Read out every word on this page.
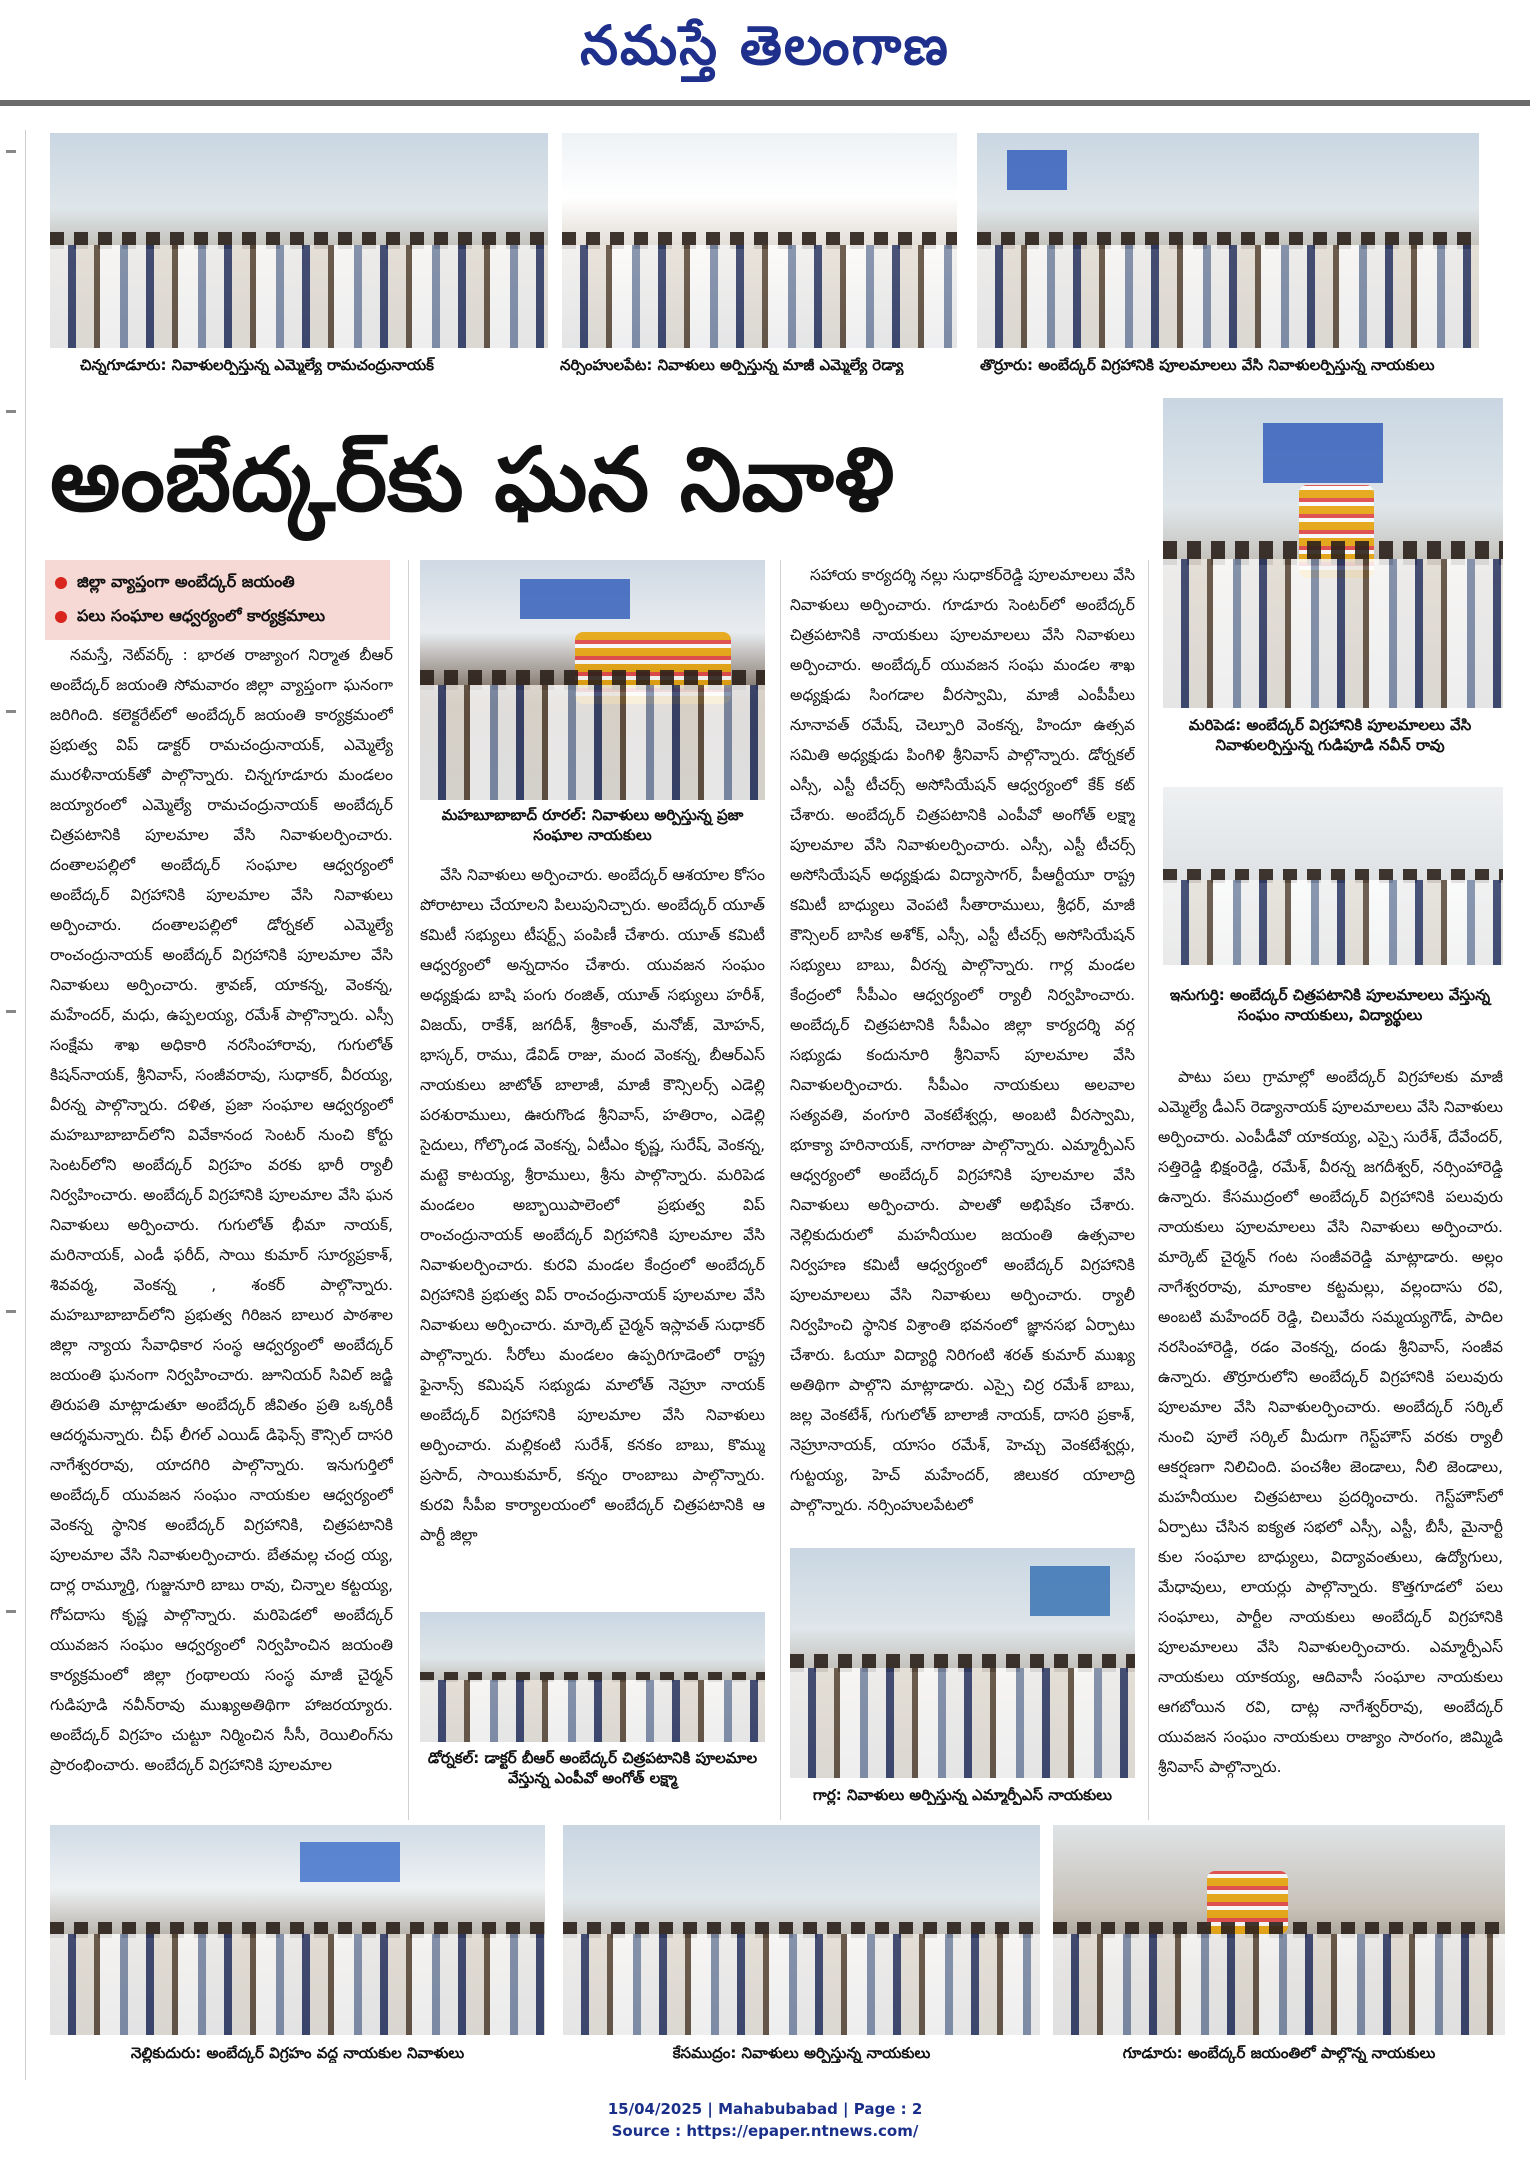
నమస్తే తెలంగాణ
చిన్నగూడూరు: నివాళులర్పిస్తున్న ఎమ్మెల్యే రామచంద్రునాయక్	నర్సింహులపేట: నివాళులు అర్పిస్తున్న మాజీ ఎమ్మెల్యే రెడ్యా	తొర్రూరు: అంబేద్కర్ విగ్రహానికి పూలమాలలు వేసి నివాళులర్పిస్తున్న నాయకులు
అంబేద్కర్‌కు ఘన నివాళి
మరిపెడ: అంబేద్కర్ విగ్రహానికి పూలమాలలు వేసి నివాళులర్పిస్తున్న గుడిపూడి నవీన్ రావు
ఇనుగుర్తి: అంబేద్కర్ చిత్రపటానికి పూలమాలలు వేస్తున్న సంఘం నాయకులు, విద్యార్థులు
జిల్లా వ్యాప్తంగా అంబేద్కర్ జయంతి
పలు సంఘాల ఆధ్వర్యంలో కార్యక్రమాలు
మహబూబాబాద్ రూరల్: నివాళులు అర్పిస్తున్న ప్రజా సంఘాల నాయకులు

నమస్తే, నెట్‌వర్క్ : భారత రాజ్యాంగ నిర్మాత బీఆర్ అంబేద్కర్ జయంతి సోమవారం జిల్లా వ్యాప్తంగా ఘనంగా జరిగింది. కలెక్టరేట్‌లో అంబేద్కర్ జయంతి కార్యక్రమంలో ప్రభుత్వ విప్ డాక్టర్ రామచంద్రునాయక్, ఎమ్మెల్యే మురళీనాయక్‌తో పాల్గొన్నారు. చిన్నగూడూరు మండలం జయ్యారంలో ఎమ్మెల్యే రామచంద్రునాయక్ అంబేద్కర్ చిత్రపటానికి పూలమాల వేసి నివాళులర్పించారు. దంతాలపల్లిలో అంబేద్కర్ సంఘాల ఆధ్వర్యంలో అంబేద్కర్ విగ్రహానికి పూలమాల వేసి నివాళులు అర్పించారు. దంతాలపల్లిలో డోర్నకల్ ఎమ్మెల్యే రాంచంద్రునాయక్ అంబేద్కర్ విగ్రహానికి పూలమాల వేసి నివాళులు అర్పించారు. శ్రావణ్, యాకన్న, వెంకన్న, మహేందర్, మధు, ఉప్పలయ్య, రమేశ్ పాల్గొన్నారు. ఎస్సీ సంక్షేమ శాఖ అధికారి నరసింహారావు, గుగులోత్ కిషన్‌నాయక్, శ్రీనివాస్, సంజీవరావు, సుధాకర్, వీరయ్య, వీరన్న పాల్గొన్నారు. దళిత, ప్రజా సంఘాల ఆధ్వర్యంలో మహబూబాబాద్‌లోని వివేకానంద సెంటర్ నుంచి కోర్టు సెంటర్‌లోని అంబేద్కర్ విగ్రహం వరకు భారీ ర్యాలీ నిర్వహించారు. అంబేద్కర్ విగ్రహానికి పూలమాల వేసి ఘన నివాళులు అర్పించారు. గుగులోత్ భీమా నాయక్, మరినాయక్, ఎండీ ఫరీద్, సాయి కుమార్ సూర్యప్రకాశ్, శివవర్మ, వెంకన్న , శంకర్ పాల్గొన్నారు. మహబూబాబాద్‌లోని ప్రభుత్వ గిరిజన బాలుర పాఠశాల జిల్లా న్యాయ సేవాధికార సంస్థ ఆధ్వర్యంలో అంబేద్కర్ జయంతి ఘనంగా నిర్వహించారు. జూనియర్ సివిల్ జడ్జి తిరుపతి మాట్లాడుతూ అంబేద్కర్ జీవితం ప్రతి ఒక్కరికీ ఆదర్శమన్నారు. చీఫ్ లీగల్ ఎయిడ్ డిఫెన్స్ కౌన్సిల్ దాసరి నాగేశ్వరరావు, యాదగిరి పాల్గొన్నారు. ఇనుగుర్తిలో అంబేద్కర్ యువజన సంఘం నాయకుల ఆధ్వర్యంలో వెంకన్న స్థానిక అంబేద్కర్ విగ్రహానికి, చిత్రపటానికి పూలమాల వేసి నివాళులర్పించారు. బేతమల్ల చంద్ర య్య, దార్ల రామ్మూర్తి, గుజ్జునూరి బాబు రావు, చిన్నాల కట్టయ్య, గోపదాసు కృష్ణ పాల్గొన్నారు. మరిపెడలో అంబేద్కర్ యువజన సంఘం ఆధ్వర్యంలో నిర్వహించిన జయంతి కార్యక్రమంలో జిల్లా గ్రంథాలయ సంస్థ మాజీ చైర్మన్ గుడిపూడి నవీన్‌రావు ముఖ్యఅతిథిగా హాజరయ్యారు. అంబేద్కర్ విగ్రహం చుట్టూ నిర్మించిన సీసీ, రెయిలింగ్‌ను ప్రారంభించారు. అంబేద్కర్ విగ్రహానికి పూలమాల

వేసి నివాళులు అర్పించారు. అంబేద్కర్ ఆశయాల కోసం పోరాటాలు చేయాలని పిలుపునిచ్చారు. అంబేద్కర్ యూత్ కమిటీ సభ్యులు టీషర్ట్స్ పంపిణీ చేశారు. యూత్ కమిటీ ఆధ్వర్యంలో అన్నదానం చేశారు. యువజన సంఘం అధ్యక్షుడు బాషి పంగు రంజిత్, యూత్ సభ్యులు హరీశ్, విజయ్, రాకేశ్, జగదీశ్, శ్రీకాంత్, మనోజ్, మోహన్, భాస్కర్, రాము, డేవిడ్ రాజు, మంద వెంకన్న, బీఆర్ఎస్ నాయకులు జాటోత్ బాలాజీ, మాజీ కౌన్సిలర్స్ ఎడెల్లి పరశురాములు, ఊరుగొండ శ్రీనివాస్, హతిరాం, ఎడెల్లి సైదులు, గోల్కొండ వెంకన్న, ఏటీఎం కృష్ణ, సురేష్, వెంకన్న, మట్టె కాటయ్య, శ్రీరాములు, శ్రీను పాల్గొన్నారు. మరిపెడ మండలం అబ్బాయిపాలెంలో ప్రభుత్వ విప్ రాంచంద్రునాయక్ అంబేద్కర్ విగ్రహానికి పూలమాల వేసి నివాళులర్పించారు. కురవి మండల కేంద్రంలో అంబేద్కర్ విగ్రహానికి ప్రభుత్వ విప్ రాంచంద్రునాయక్ పూలమాల వేసి నివాళులు అర్పించారు. మార్కెట్ చైర్మన్ ఇస్లావత్ సుధాకర్ పాల్గొన్నారు. సీరోలు మండలం ఉప్పరిగూడెంలో రాష్ట్ర ఫైనాన్స్ కమిషన్ సభ్యుడు మాలోత్ నెహ్రూ నాయక్ అంబేద్కర్ విగ్రహానికి పూలమాల వేసి నివాళులు అర్పించారు. మల్లికంటి సురేశ్, కనకం బాబు, కొమ్ము ప్రసాద్, సాయికుమార్, కన్నం రాంబాబు పాల్గొన్నారు. కురవి సీపీఐ కార్యాలయంలో అంబేద్కర్ చిత్రపటానికి ఆ పార్టీ జిల్లా

సహాయ కార్యదర్శి నల్లు సుధాకర్‌రెడ్డి పూలమాలలు వేసి నివాళులు అర్పించారు. గూడూరు సెంటర్‌లో అంబేద్కర్ చిత్రపటానికి నాయకులు పూలమాలలు వేసి నివాళులు అర్పించారు. అంబేద్కర్ యువజన సంఘ మండల శాఖ అధ్యక్షుడు సింగడాల వీరస్వామి, మాజీ ఎంపీపీలు నూనావత్ రమేష్, చెల్పూరి వెంకన్న, హిందూ ఉత్సవ సమితి అధ్యక్షుడు పింగిళి శ్రీనివాస్ పాల్గొన్నారు. డోర్నకల్ ఎస్సీ, ఎస్టీ టీచర్స్ అసోసియేషన్ ఆధ్వర్యంలో కేక్ కట్ చేశారు. అంబేద్కర్ చిత్రపటానికి ఎంపీవో అంగోత్ లక్ష్మా పూలమాల వేసి నివాళులర్పించారు. ఎస్సీ, ఎస్టీ టీచర్స్ అసోసియేషన్ అధ్యక్షుడు విద్యాసాగర్, పీఆర్టీయూ రాష్ట్ర కమిటీ బాధ్యులు వెంపటి సీతారాములు, శ్రీధర్, మాజీ కౌన్సిలర్ బాసిక అశోక్, ఎస్సీ, ఎస్టీ టీచర్స్ అసోసియేషన్ సభ్యులు బాబు, వీరన్న పాల్గొన్నారు. గార్ల మండల కేంద్రంలో సీపీఎం ఆధ్వర్యంలో ర్యాలీ నిర్వహించారు. అంబేద్కర్ చిత్రపటానికి సీపీఎం జిల్లా కార్యదర్శి వర్గ సభ్యుడు కందునూరి శ్రీనివాస్ పూలమాల వేసి నివాళులర్పించారు. సీపీఎం నాయకులు అలవాల సత్యవతి, వంగూరి వెంకటేశ్వర్లు, అంబటి వీరస్వామి, భూక్యా హరినాయక్, నాగరాజు పాల్గొన్నారు. ఎమ్మార్పీఎస్ ఆధ్వర్యంలో అంబేద్కర్ విగ్రహానికి పూలమాల వేసి నివాళులు అర్పించారు. పాలతో అభిషేకం చేశారు. నెల్లికుదురులో మహనీయుల జయంతి ఉత్సవాల నిర్వహణ కమిటీ ఆధ్వర్యంలో అంబేద్కర్ విగ్రహానికి పూలమాలలు వేసి నివాళులు అర్పించారు. ర్యాలీ నిర్వహించి స్థానిక విశ్రాంతి భవనంలో జ్ఞానసభ ఏర్పాటు చేశారు. ఓయూ విద్యార్థి నిరిగంటి శరత్ కుమార్ ముఖ్య అతిథిగా పాల్గొని మాట్లాడారు. ఎస్సై చిర్ర రమేశ్ బాబు, జల్ల వెంకటేశ్, గుగులోత్ బాలాజీ నాయక్, దాసరి ప్రకాశ్, నెహ్రూనాయక్, యాసం రమేశ్, హెచ్చు వెంకటేశ్వర్లు, గుట్టయ్య, హెచ్ మహేందర్, జిలుకర యాలాద్రి పాల్గొన్నారు. నర్సింహులపేటలో

పాటు పలు గ్రామాల్లో అంబేద్కర్ విగ్రహాలకు మాజీ ఎమ్మెల్యే డీఎస్ రెడ్యానాయక్ పూలమాలలు వేసి నివాళులు అర్పించారు. ఎంపీడీవో యాకయ్య, ఎస్సై సురేశ్, దేవేందర్, సత్తిరెడ్డి భిక్షంరెడ్డి, రమేశ్, వీరన్న జగదీశ్వర్, నర్సింహారెడ్డి ఉన్నారు. కేసముద్రంలో అంబేద్కర్ విగ్రహానికి పలువురు నాయకులు పూలమాలలు వేసి నివాళులు అర్పించారు. మార్కెట్ చైర్మన్ గంట సంజీవరెడ్డి మాట్లాడారు. అల్లం నాగేశ్వరరావు, మాంకాల కట్టమల్లు, వల్లందాసు రవి, అంబటి మహేందర్ రెడ్డి, చిలువేరు సమ్మయ్యగౌడ్, పాదిల నరసింహారెడ్డి, రడం వెంకన్న, దండు శ్రీనివాస్, సంజీవ ఉన్నారు. తొర్రూరులోని అంబేద్కర్ విగ్రహానికి పలువురు పూలమాల వేసి నివాళులర్పించారు. అంబేద్కర్ సర్కిల్ నుంచి పూలే సర్కిల్ మీదుగా గెస్ట్‌హౌస్ వరకు ర్యాలీ ఆకర్షణగా నిలిచింది. పంచశీల జెండాలు, నీలి జెండాలు, మహనీయుల చిత్రపటాలు ప్రదర్శించారు. గెస్ట్‌హౌస్‌లో ఏర్పాటు చేసిన ఐక్యత సభలో ఎస్సీ, ఎస్టీ, బీసీ, మైనార్టీ కుల సంఘాల బాధ్యులు, విద్యావంతులు, ఉద్యోగులు, మేధావులు, లాయర్లు పాల్గొన్నారు. కొత్తగూడలో పలు సంఘాలు, పార్టీల నాయకులు అంబేద్కర్ విగ్రహానికి పూలమాలలు వేసి నివాళులర్పించారు. ఎమ్మార్పీఎస్ నాయకులు యాకయ్య, ఆదివాసీ సంఘాల నాయకులు ఆగబోయిన రవి, దాట్ల నాగేశ్వర్‌రావు, అంబేద్కర్ యువజన సంఘం నాయకులు రాజ్యాం సారంగం, జిమ్మిడి శ్రీనివాస్ పాల్గొన్నారు.

డోర్నకల్: డాక్టర్ బీఆర్ అంబేద్కర్ చిత్రపటానికి పూలమాల వేస్తున్న ఎంపీవో అంగోత్ లక్ష్మా
గార్ల: నివాళులు అర్పిస్తున్న ఎమ్మార్పీఎస్ నాయకులు
నెల్లికుదురు: అంబేద్కర్ విగ్రహం వద్ద నాయకుల నివాళులు	కేసముద్రం: నివాళులు అర్పిస్తున్న నాయకులు	గూడూరు: అంబేద్కర్ జయంతిలో పాల్గొన్న నాయకులు
15/04/2025 | Mahabubabad | Page : 2
Source : https://epaper.ntnews.com/
